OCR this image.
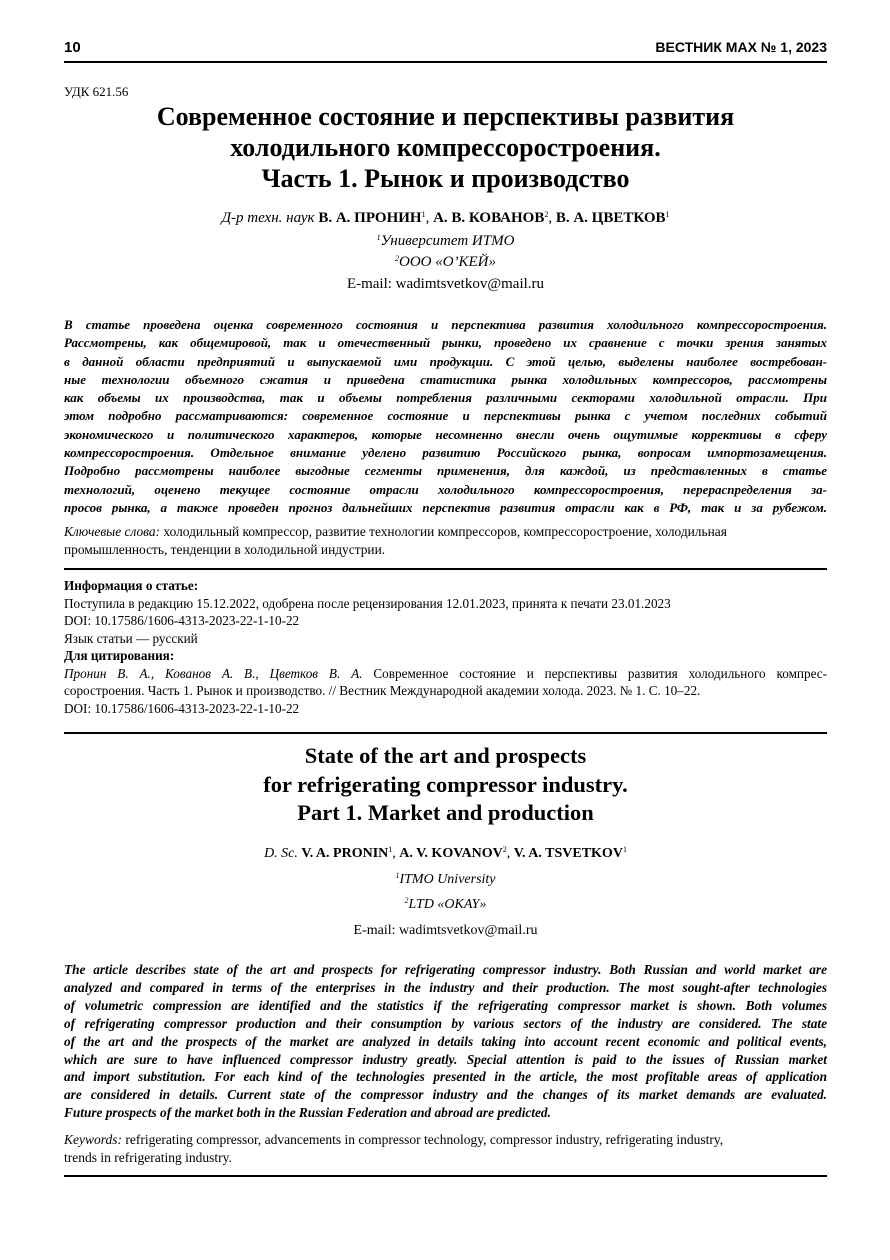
10	ВЕСТНИК МАХ № 1, 2023
УДК 621.56
Современное состояние и перспективы развития
холодильного компрессоростроения.
Часть 1. Рынок и производство
Д-р техн. наук В. А. ПРОНИН$^1$, А. В. КОВАНОВ$^2$, В. А. ЦВЕТКОВ$^1$
$^1$Университет ИТМО
$^2$ООО «О’КЕЙ»
E-mail: wadimtsvetkov@mail.ru
В статье проведена оценка современного состояния и перспектива развития холодильного компрессоростроения.
Рассмотрены, как общемировой, так и отечественный рынки, проведено их сравнение с точки зрения занятых
в данной области предприятий и выпускаемой ими продукции. С этой целью, выделены наиболее востребован-
ные технологии объемного сжатия и приведена статистика рынка холодильных компрессоров, рассмотрены
как объемы их производства, так и объемы потребления различными секторами холодильной отрасли. При
этом подробно рассматриваются: современное состояние и перспективы рынка с учетом последних событий
экономического и политического характеров, которые несомненно внесли очень ощутимые коррективы в сферу
компрессоростроения. Отдельное внимание уделено развитию Российского рынка, вопросам импортозамещения.
Подробно рассмотрены наиболее выгодные сегменты применения, для каждой, из представленных в статье
технологий, оценено текущее состояние отрасли холодильного компрессоростроения, перераспределения за-
просов рынка, а также проведен прогноз дальнейших перспектив развития отрасли как в РФ, так и за рубежом.
Ключевые слова: холодильный компрессор, развитие технологии компрессоров, компрессоростроение, холодильная
промышленность, тенденции в холодильной индустрии.
Информация о статье:
Поступила в редакцию 15.12.2022, одобрена после рецензирования 12.01.2023, принята к печати 23.01.2023
DOI: 10.17586/1606-4313-2023-22-1-10-22
Язык статьи — русский
Для цитирования:
Пронин В. А., Кованов А. В., Цветков В. А. Современное состояние и перспективы развития холодильного компрес-
соростроения. Часть 1. Рынок и производство. // Вестник Международной академии холода. 2023. № 1. С. 10–22.
DOI: 10.17586/1606-4313-2023-22-1-10-22
State of the art and prospects
for refrigerating compressor industry.
Part 1. Market and production
D. Sc. V. A. PRONIN$^1$, A. V. KOVANOV$^2$, V. A. TSVETKOV$^1$
$^1$ITMO University
$^2$LTD «OKAY»
E-mail: wadimtsvetkov@mail.ru
The article describes state of the art and prospects for refrigerating compressor industry. Both Russian and world market are
analyzed and compared in terms of the enterprises in the industry and their production. The most sought-after technologies
of volumetric compression are identified and the statistics if the refrigerating compressor market is shown. Both volumes
of refrigerating compressor production and their consumption by various sectors of the industry are considered. The state
of the art and the prospects of the market are analyzed in details taking into account recent economic and political events,
which are sure to have influenced compressor industry greatly. Special attention is paid to the issues of Russian market
and import substitution. For each kind of the technologies presented in the article, the most profitable areas of application
are considered in details. Current state of the compressor industry and the changes of its market demands are evaluated.
Future prospects of the market both in the Russian Federation and abroad are predicted.
Keywords: refrigerating compressor, advancements in compressor technology, compressor industry, refrigerating industry,
trends in refrigerating industry.
